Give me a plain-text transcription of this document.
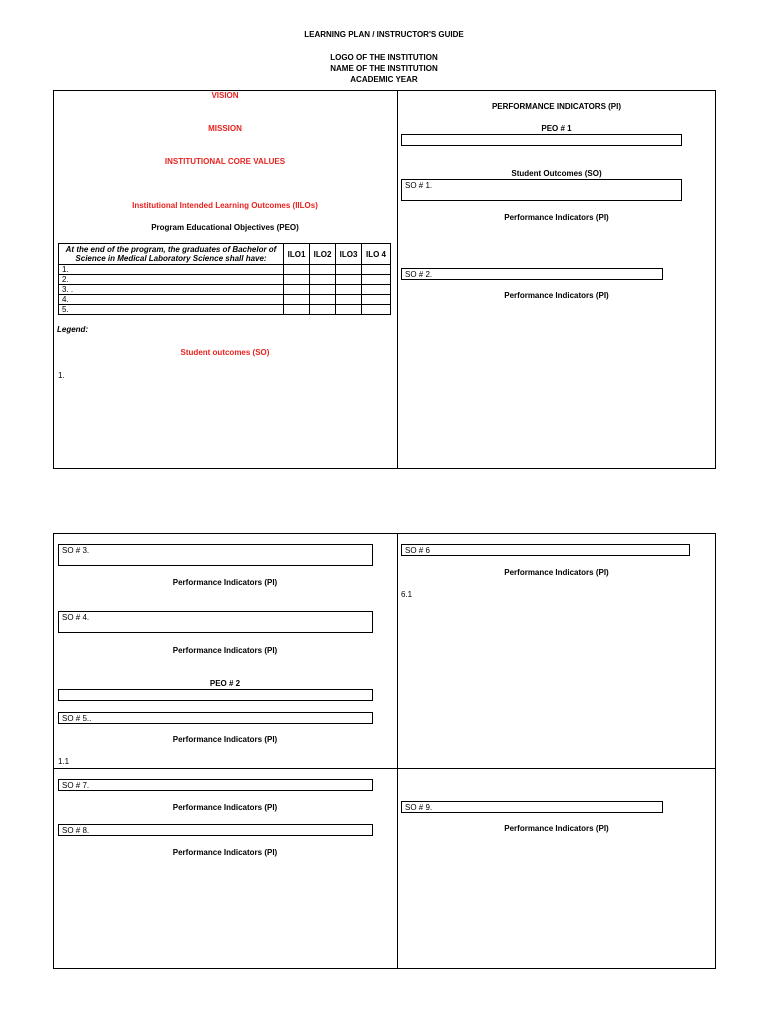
LEARNING PLAN / INSTRUCTOR'S GUIDE
LOGO OF THE INSTITUTION
NAME OF THE INSTITUTION
ACADEMIC YEAR
VISION
MISSION
INSTITUTIONAL CORE VALUES
Institutional Intended Learning Outcomes (IILOs)
Program Educational Objectives (PEO)
At the end of the program, the graduates of Bachelor of Science in Medical Laboratory Science shall have:	ILO1	ILO2	ILO3	ILO 4
1.				
2.				
3. .				
4.				
5.				
Legend:
Student outcomes (SO)
1.
PERFORMANCE INDICATORS (PI)
PEO # 1
Student Outcomes (SO)
SO # 1.
Performance Indicators (PI)
SO # 2.
Performance Indicators (PI)
SO # 3.
Performance Indicators (PI)
SO # 4.
Performance Indicators (PI)
PEO # 2
SO # 5..
Performance Indicators (PI)
1.1
SO # 7.
Performance Indicators (PI)
SO # 8.
Performance Indicators (PI)
SO # 6
Performance Indicators (PI)
6.1
SO # 9.
Performance Indicators (PI)
